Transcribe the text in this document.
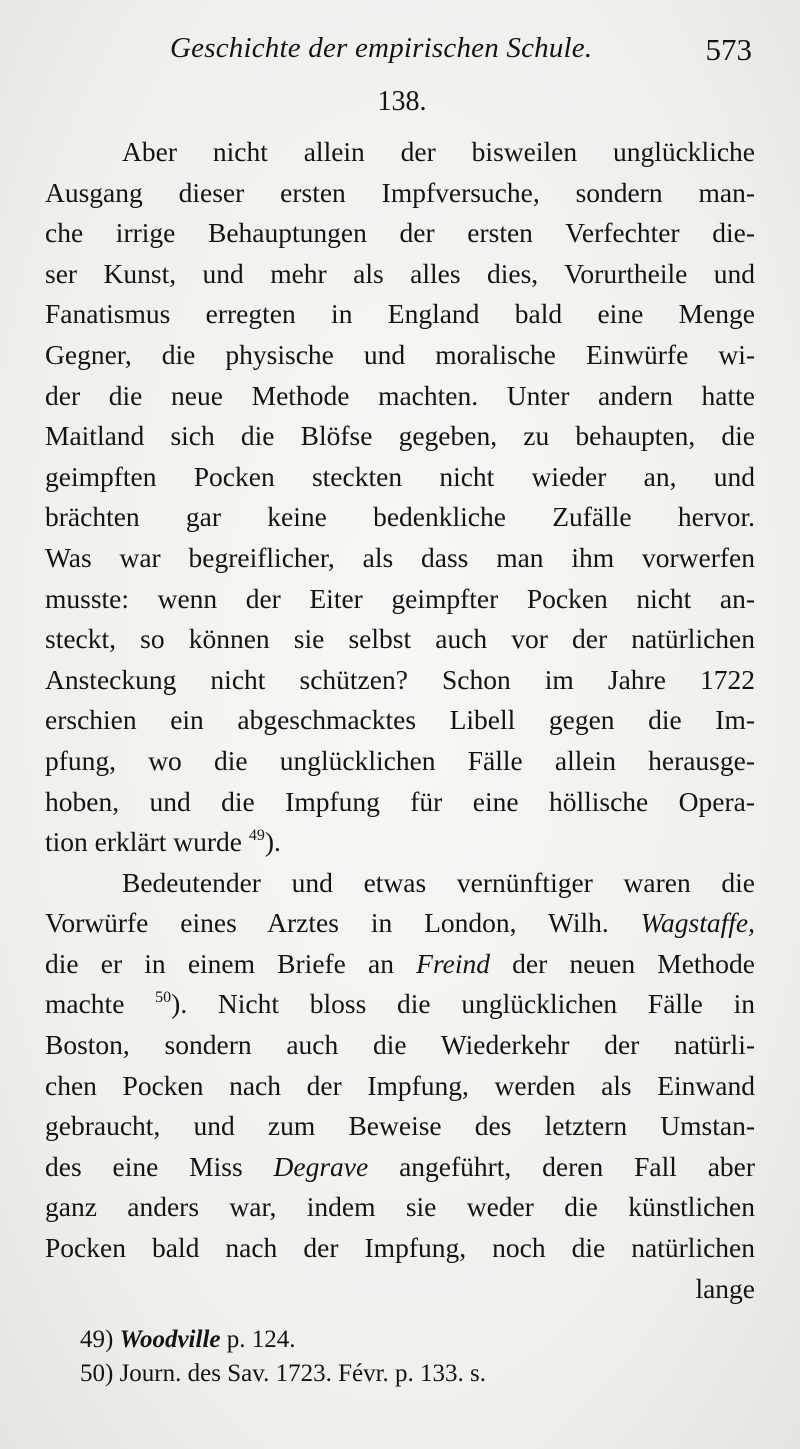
Geschichte der empirischen Schule.	573
138.
Aber nicht allein der bisweilen unglückliche
Ausgang dieser ersten Impfversuche, sondern man-
che irrige Behauptungen der ersten Verfechter die-
ser Kunst, und mehr als alles dies, Vorurtheile und
Fanatismus erregten in England bald eine Menge
Gegner, die physische und moralische Einwürfe wi-
der die neue Methode machten. Unter andern hatte
Maitland sich die Blöfse gegeben, zu behaupten, die
geimpften Pocken steckten nicht wieder an, und
brächten gar keine bedenkliche Zufälle hervor.
Was war begreiflicher, als dass man ihm vorwerfen
musste: wenn der Eiter geimpfter Pocken nicht an-
steckt, so können sie selbst auch vor der natürlichen
Ansteckung nicht schützen? Schon im Jahre 1722
erschien ein abgeschmacktes Libell gegen die Im-
pfung, wo die unglücklichen Fälle allein herausge-
hoben, und die Impfung für eine höllische Opera-
tion erklärt wurde $^{49}$).
Bedeutender und etwas vernünftiger waren die
Vorwürfe eines Arztes in London, Wilh. Wagstaffe,
die er in einem Briefe an Freind der neuen Methode
machte $^{50}$). Nicht bloss die unglücklichen Fälle in
Boston, sondern auch die Wiederkehr der natürli-
chen Pocken nach der Impfung, werden als Einwand
gebraucht, und zum Beweise des letztern Umstan-
des eine Miss Degrave angeführt, deren Fall aber
ganz anders war, indem sie weder die künstlichen
Pocken bald nach der Impfung, noch die natürlichen
lange
49) Woodville p. 124.
50) Journ. des Sav. 1723. Févr. p. 133. s.
